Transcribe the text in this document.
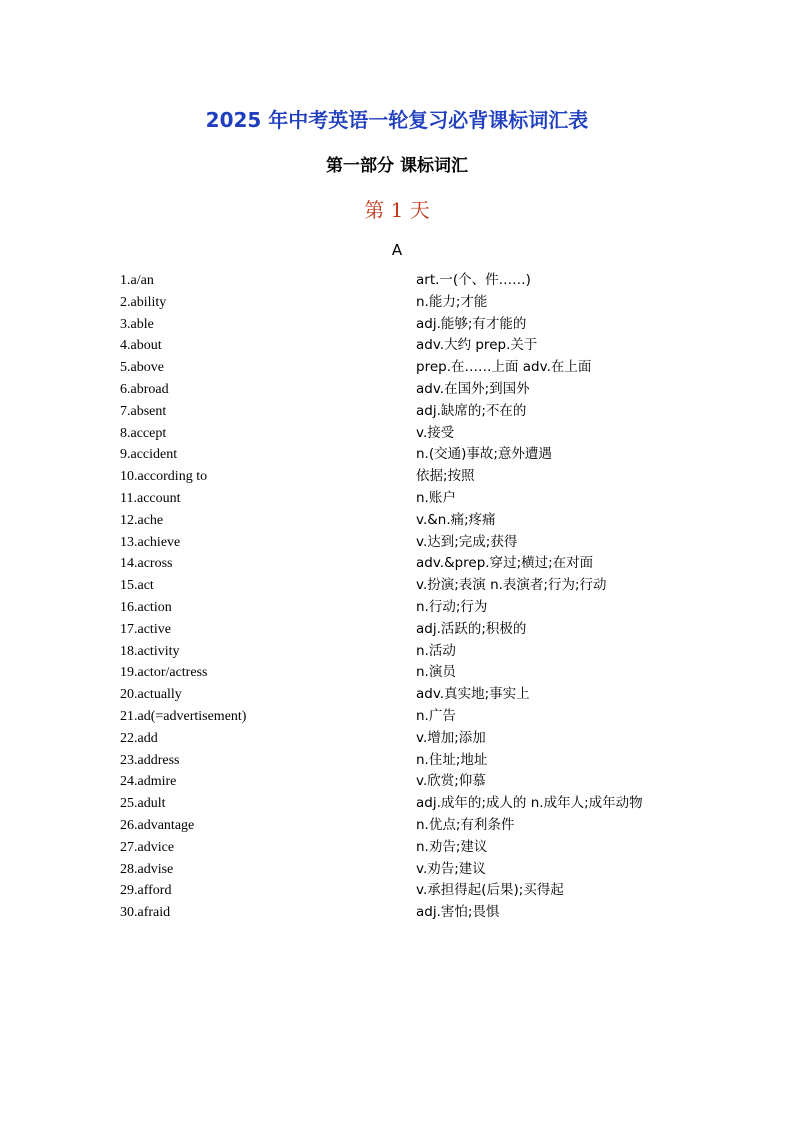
2025 年中考英语一轮复习必背课标词汇表
第一部分 课标词汇
第 1 天
A
1.a/an	art.一(个、件……)
2.ability	n.能力;才能
3.able	adj.能够;有才能的
4.about	adv.大约 prep.关于
5.above	prep.在……上面 adv.在上面
6.abroad	adv.在国外;到国外
7.absent	adj.缺席的;不在的
8.accept	v.接受
9.accident	n.(交通)事故;意外遭遇
10.according to	依据;按照
11.account	n.账户
12.ache	v.&n.痛;疼痛
13.achieve	v.达到;完成;获得
14.across	adv.&prep.穿过;横过;在对面
15.act	v.扮演;表演 n.表演者;行为;行动
16.action	n.行动;行为
17.active	adj.活跃的;积极的
18.activity	n.活动
19.actor/actress	n.演员
20.actually	adv.真实地;事实上
21.ad(=advertisement)	n.广告
22.add	v.增加;添加
23.address	n.住址;地址
24.admire	v.欣赏;仰慕
25.adult	adj.成年的;成人的 n.成年人;成年动物
26.advantage	n.优点;有利条件
27.advice	n.劝告;建议
28.advise	v.劝告;建议
29.afford	v.承担得起(后果);买得起
30.afraid	adj.害怕;畏惧
